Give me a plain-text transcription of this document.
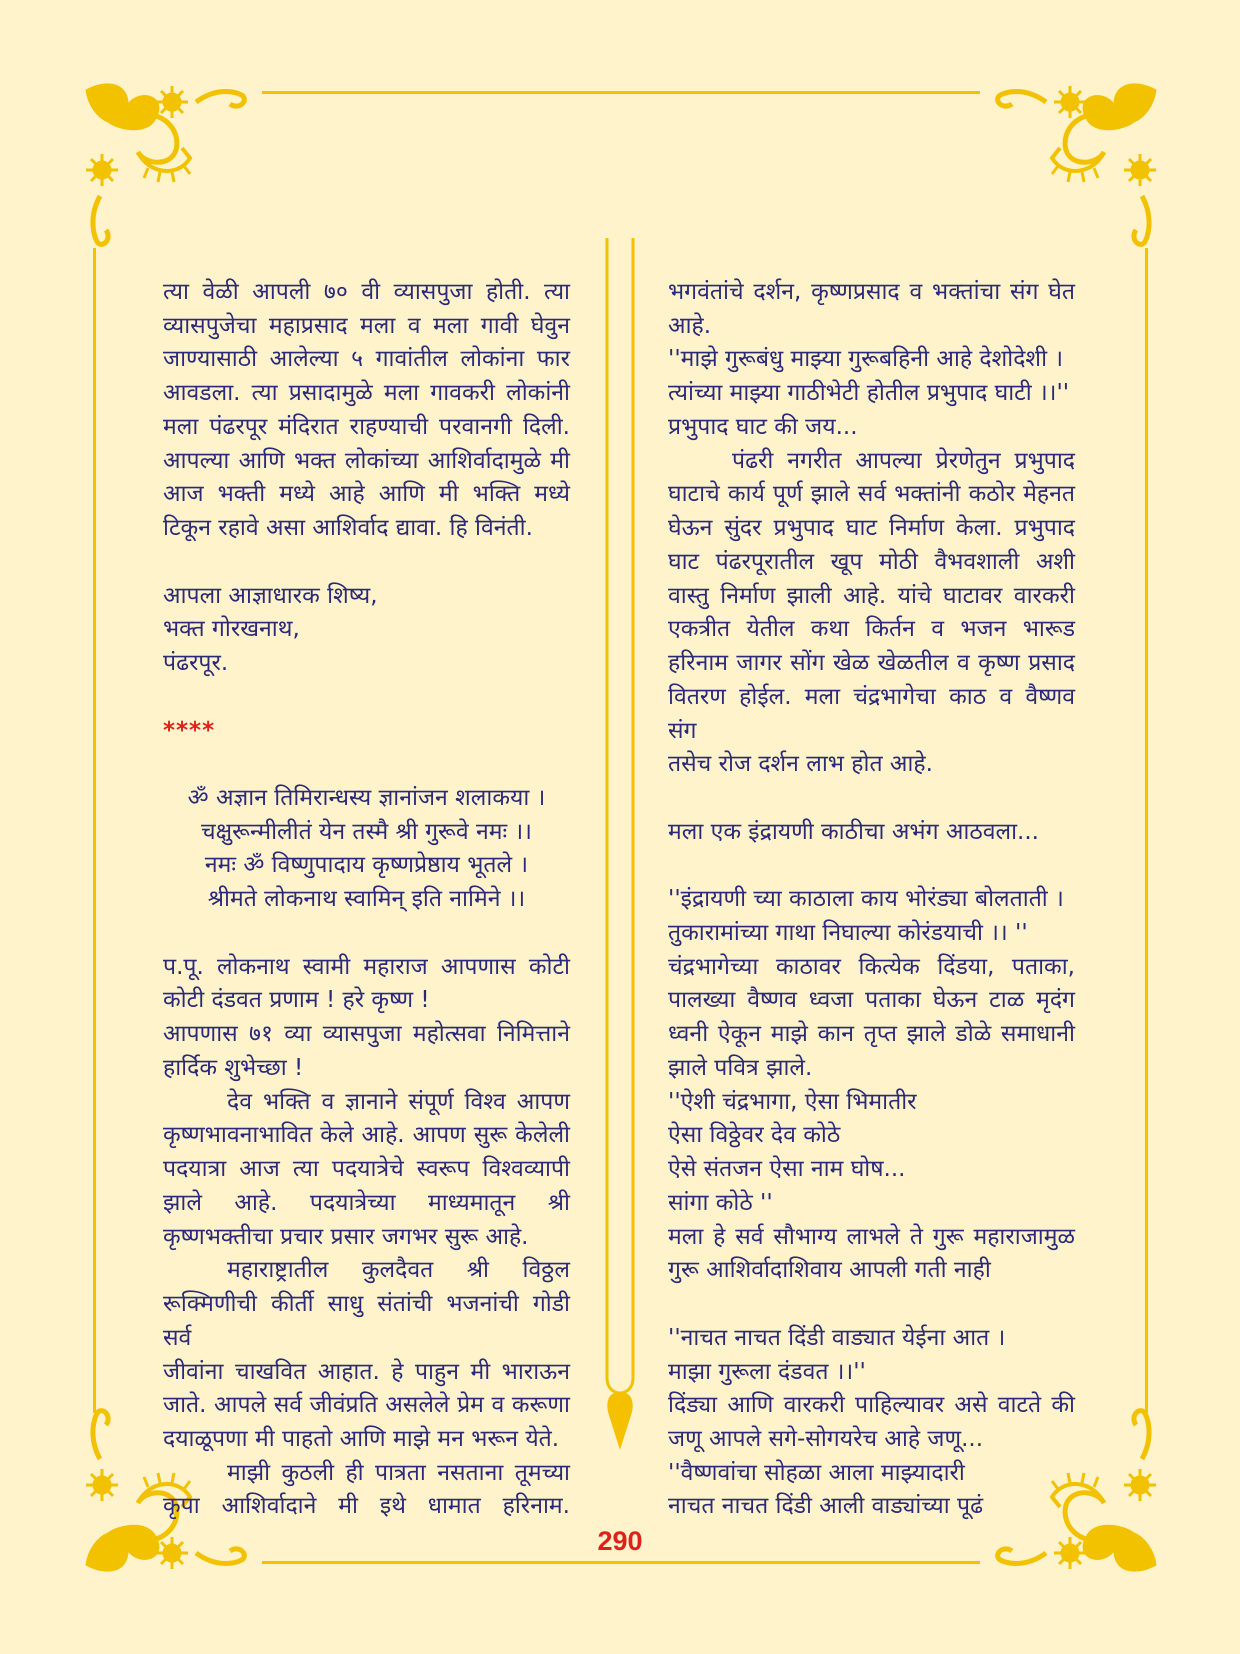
त्या वेळी आपली ७० वी व्यासपुजा होती. त्या
व्यासपुजेचा महाप्रसाद मला व मला गावी घेवुन
जाण्यासाठी आलेल्या ५ गावांतील लोकांना फार
आवडला. त्या प्रसादामुळे मला गावकरी लोकांनी
मला पंढरपूर मंदिरात राहण्याची परवानगी दिली.
आपल्या आणि भक्त लोकांच्या आशिर्वादामुळे मी
आज भक्ती मध्ये आहे आणि मी भक्ति मध्ये
टिकून रहावे असा आशिर्वाद द्यावा. हि विनंती.
आपला आज्ञाधारक शिष्य,
भक्त गोरखनाथ,
पंढरपूर.
****
ॐ अज्ञान तिमिरान्धस्य ज्ञानांजन शलाकया ।
चक्षुरून्मीलीतं येन तस्मै श्री गुरूवे नमः ।।
नमः ॐ विष्णुपादाय कृष्णप्रेष्ठाय भूतले ।
श्रीमते लोकनाथ स्वामिन् इति नामिने ।।
प.पू. लोकनाथ स्वामी महाराज आपणास कोटी
कोटी दंडवत प्रणाम ! हरे कृष्ण !
आपणास ७१ व्या व्यासपुजा महोत्सवा निमित्ताने
हार्दिक शुभेच्छा !
देव भक्ति व ज्ञानाने संपूर्ण विश्व आपण
कृष्णभावनाभावित केले आहे. आपण सुरू केलेली
पदयात्रा आज त्या पदयात्रेचे स्वरूप विश्वव्यापी
झाले आहे. पदयात्रेच्या माध्यमातून श्री
कृष्णभक्तीचा प्रचार प्रसार जगभर सुरू आहे.
महाराष्ट्रातील कुलदैवत श्री विठ्ठल
रूक्मिणीची कीर्ती साधु संतांची भजनांची गोडी सर्व
जीवांना चाखवित आहात. हे पाहुन मी भाराऊन
जाते. आपले सर्व जीवंप्रति असलेले प्रेम व करूणा
दयाळूपणा मी पाहतो आणि माझे मन भरून येते.
माझी कुठली ही पात्रता नसताना तूमच्या
कृपा आशिर्वादाने मी इथे धामात हरिनाम.
भगवंतांचे दर्शन, कृष्णप्रसाद व भक्तांचा संग घेत
आहे.
''माझे गुरूबंधु माझ्या गुरूबहिनी आहे देशोदेशी ।
त्यांच्या माझ्या गाठीभेटी होतील प्रभुपाद घाटी ।।''
प्रभुपाद घाट की जय...
पंढरी नगरीत आपल्या प्रेरणेतुन प्रभुपाद
घाटाचे कार्य पूर्ण झाले सर्व भक्तांनी कठोर मेहनत
घेऊन सुंदर प्रभुपाद घाट निर्माण केला. प्रभुपाद
घाट पंढरपूरातील खूप मोठी वैभवशाली अशी
वास्तु निर्माण झाली आहे. यांचे घाटावर वारकरी
एकत्रीत येतील कथा किर्तन व भजन भारूड
हरिनाम जागर सोंग खेळ खेळतील व कृष्ण प्रसाद
वितरण होईल. मला चंद्रभागेचा काठ व वैष्णव संग
तसेच रोज दर्शन लाभ होत आहे.
मला एक इंद्रायणी काठीचा अभंग आठवला...
''इंद्रायणी च्या काठाला काय भोरंड्या बोलताती ।
तुकारामांच्या गाथा निघाल्या कोरंडयाची ।। ''
चंद्रभागेच्या काठावर कित्येक दिंडया, पताका,
पालख्या वैष्णव ध्वजा पताका घेऊन टाळ मृदंग
ध्वनी ऐकून माझे कान तृप्त झाले डोळे समाधानी
झाले पवित्र झाले.
''ऐशी चंद्रभागा, ऐसा भिमातीर
ऐसा विठ्ठेवर देव कोठे
ऐसे संतजन ऐसा नाम घोष...
सांगा कोठे ''
मला हे सर्व सौभाग्य लाभले ते गुरू महाराजामुळ
गुरू आशिर्वादाशिवाय आपली गती नाही
''नाचत नाचत दिंडी वाड्यात येईना आत ।
माझा गुरूला दंडवत ।।''
दिंड्या आणि वारकरी पाहिल्यावर असे वाटते की
जणू आपले सगे-सोगयरेच आहे जणू...
''वैष्णवांचा सोहळा आला माझ्यादारी
नाचत नाचत दिंडी आली वाड्यांच्या पूढं
290
